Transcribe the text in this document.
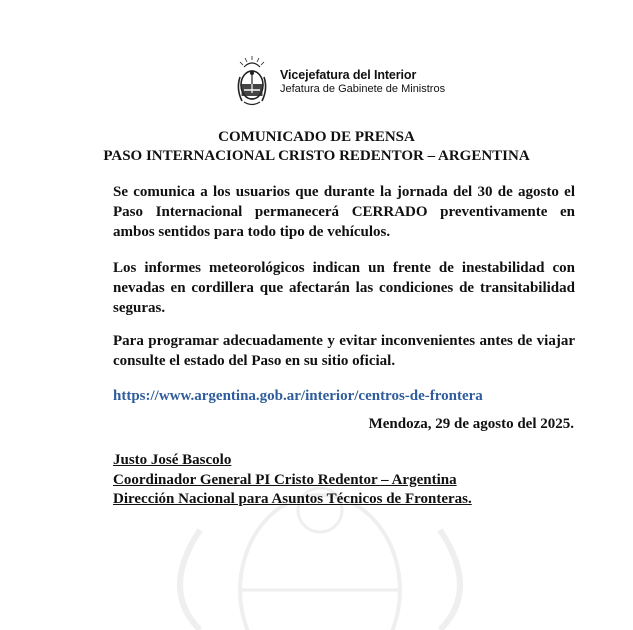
Vicejefatura del Interior
Jefatura de Gabinete de Ministros
COMUNICADO DE PRENSA
PASO INTERNACIONAL CRISTO REDENTOR – ARGENTINA

Se comunica a los usuarios que durante la jornada del 30 de agosto el Paso Internacional permanecerá CERRADO preventivamente en ambos sentidos para todo tipo de vehículos.

Los informes meteorológicos indican un frente de inestabilidad con nevadas en cordillera que afectarán las condiciones de transitabilidad seguras.

Para programar adecuadamente y evitar inconvenientes antes de viajar consulte el estado del Paso en su sitio oficial.

https://www.argentina.gob.ar/interior/centros-de-frontera
Mendoza, 29 de agosto del 2025.
Justo José Bascolo
Coordinador General PI Cristo Redentor – Argentina
Dirección Nacional para Asuntos Técnicos de Fronteras.
